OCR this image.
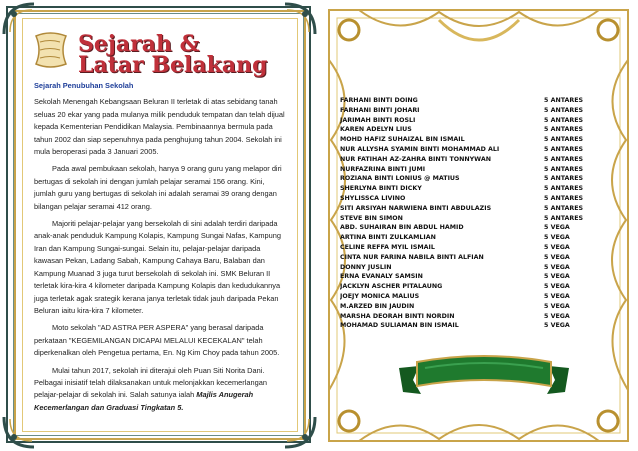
Sejarah &
Latar Belakang

Sejarah Penubuhan Sekolah

Sekolah Menengah Kebangsaan Beluran II terletak di atas sebidang tanah seluas 20 ekar yang pada mulanya milik penduduk tempatan dan telah dijual kepada Kementerian Pendidikan Malaysia. Pembinaannya bermula pada tahun 2002 dan siap sepenuhnya pada penghujung tahun 2004. Sekolah ini mula beroperasi pada 3 Januari 2005.

Pada awal pembukaan sekolah, hanya 9 orang guru yang melapor diri bertugas di sekolah ini dengan jumlah pelajar seramai 156 orang. Kini, jumlah guru yang bertugas di sekolah ini adalah seramai 39 orang dengan bilangan pelajar seramai 412 orang.

Majoriti pelajar-pelajar yang bersekolah di sini adalah terdiri daripada anak-anak penduduk Kampung Kolapis, Kampung Sungai Nafas, Kampung Iran dan Kampung Sungai-sungai. Selain itu, pelajar-pelajar daripada kawasan Pekan, Ladang Sabah, Kampung Cahaya Baru, Balaban dan Kampung Muanad 3 juga turut bersekolah di sekolah ini. SMK Beluran II terletak kira-kira 4 kilometer daripada Kampung Kolapis dan kedudukannya juga terletak agak srategik kerana janya terletak tidak jauh daripada Pekan Beluran iaitu kira-kira 7 kilometer.

Moto sekolah "AD ASTRA PER ASPERA" yang berasal daripada perkataan "KEGEMILANGAN DICAPAI MELALUI KECEKALAN" telah diperkenalkan oleh Pengetua pertama, En. Ng Kim Choy pada tahun 2005.

Mulai tahun 2017, sekolah ini diterajui oleh Puan Siti Norita Dani. Pelbagai inisiatif telah dilaksanakan untuk melonjakkan kecemerlangan pelajar-pelajar di sekolah ini. Salah satunya ialah Majlis Anugerah Kecemerlangan dan Graduasi Tingkatan 5.

FARHANI BINTI DOING	5 ANTARES
FARHANI BINTI JOHARI	5 ANTARES
JARIMAH BINTI ROSLI	5 ANTARES
KAREN ADELYN LIUS	5 ANTARES
MOHD HAFIZ SUHAIZAL BIN ISMAIL	5 ANTARES
NUR ALLYSHA SYAMIN BINTI MOHAMMAD ALI	5 ANTARES
NUR FATIHAH AZ-ZAHRA BINTI TONNYWAN	5 ANTARES
NURFAZRINA BINTI JUMI	5 ANTARES
ROZIANA BINTI LONIUS @ MATIUS	5 ANTARES
SHERLYNA BINTI DICKY	5 ANTARES
SHYLISSCA LIVINO	5 ANTARES
SITI ARSIYAH NARWIENA BINTI ABDULAZIS	5 ANTARES
STEVE BIN SIMON	5 ANTARES
ABD. SUHAIRAN BIN ABDUL HAMID	5 VEGA
ARTINA BINTI ZULKAMLIAN	5 VEGA
CELINE REFFA MYIL ISMAIL	5 VEGA
CINTA NUR FARINA NABILA BINTI ALFIAN	5 VEGA
DONNY JUSLIN	5 VEGA
ERNA EVANALY SAMSIN	5 VEGA
JACKLYN ASCHER PITALAUNG	5 VEGA
JOEJY MONICA MALIUS	5 VEGA
M.ARZED BIN JAUDIN	5 VEGA
MARSHA DEORAH BINTI NORDIN	5 VEGA
MOHAMAD SULIAMAN BIN ISMAIL	5 VEGA
